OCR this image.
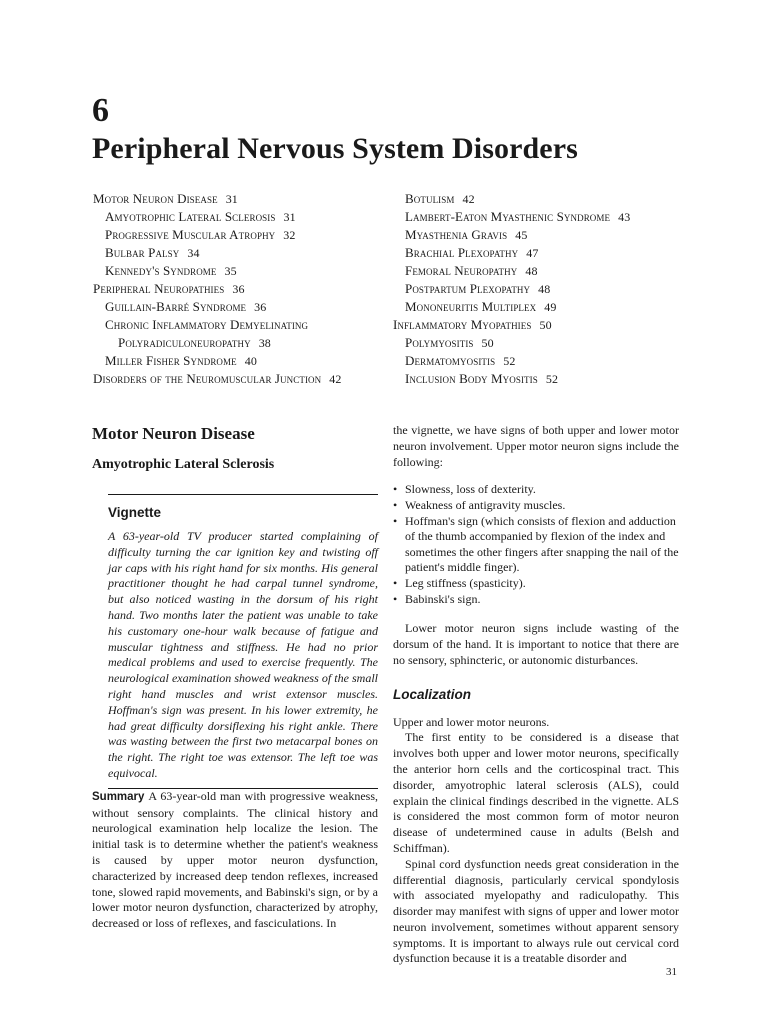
6
Peripheral Nervous System Disorders
Motor Neuron Disease 31
Amyotrophic Lateral Sclerosis 31
Progressive Muscular Atrophy 32
Bulbar Palsy 34
Kennedy's Syndrome 35
Peripheral Neuropathies 36
Guillain-Barré Syndrome 36
Chronic Inflammatory Demyelinating
Polyradiculoneuropathy 38
Miller Fisher Syndrome 40
Disorders of the Neuromuscular Junction 42
Botulism 42
Lambert-Eaton Myasthenic Syndrome 43
Myasthenia Gravis 45
Brachial Plexopathy 47
Femoral Neuropathy 48
Postpartum Plexopathy 48
Mononeuritis Multiplex 49
Inflammatory Myopathies 50
Polymyositis 50
Dermatomyositis 52
Inclusion Body Myositis 52
Motor Neuron Disease
Amyotrophic Lateral Sclerosis
Vignette

A 63-year-old TV producer started complaining of difficulty turning the car ignition key and twisting off jar caps with his right hand for six months. His general practitioner thought he had carpal tunnel syndrome, but also noticed wasting in the dorsum of his right hand. Two months later the patient was unable to take his customary one-hour walk because of fatigue and muscular tightness and stiffness. He had no prior medical problems and used to exercise frequently. The neurological examination showed weakness of the small right hand muscles and wrist extensor muscles. Hoffman's sign was present. In his lower extremity, he had great difficulty dorsiflexing his right ankle. There was wasting between the first two metacarpal bones on the right. The right toe was extensor. The left toe was equivocal.

Summary A 63-year-old man with progressive weakness, without sensory complaints. The clinical history and neurological examination help localize the lesion. The initial task is to determine whether the patient's weakness is caused by upper motor neuron dysfunction, characterized by increased deep tendon reflexes, increased tone, slowed rapid movements, and Babinski's sign, or by a lower motor neuron dysfunction, characterized by atrophy, decreased or loss of reflexes, and fasciculations. In

the vignette, we have signs of both upper and lower motor neuron involvement. Upper motor neuron signs include the following:

• Slowness, loss of dexterity.
• Weakness of antigravity muscles.
• Hoffman's sign (which consists of flexion and adduction of the thumb accompanied by flexion of the index and sometimes the other fingers after snapping the nail of the patient's middle finger).
• Leg stiffness (spasticity).
• Babinski's sign.

Lower motor neuron signs include wasting of the dorsum of the hand. It is important to notice that there are no sensory, sphincteric, or autonomic disturbances.

Localization

Upper and lower motor neurons.

The first entity to be considered is a disease that involves both upper and lower motor neurons, specifically the anterior horn cells and the corticospinal tract. This disorder, amyotrophic lateral sclerosis (ALS), could explain the clinical findings described in the vignette. ALS is considered the most common form of motor neuron disease of undetermined cause in adults (Belsh and Schiffman).

Spinal cord dysfunction needs great consideration in the differential diagnosis, particularly cervical spondylosis with associated myelopathy and radiculopathy. This disorder may manifest with signs of upper and lower motor neuron involvement, sometimes without apparent sensory symptoms. It is important to always rule out cervical cord dysfunction because it is a treatable disorder and

31
